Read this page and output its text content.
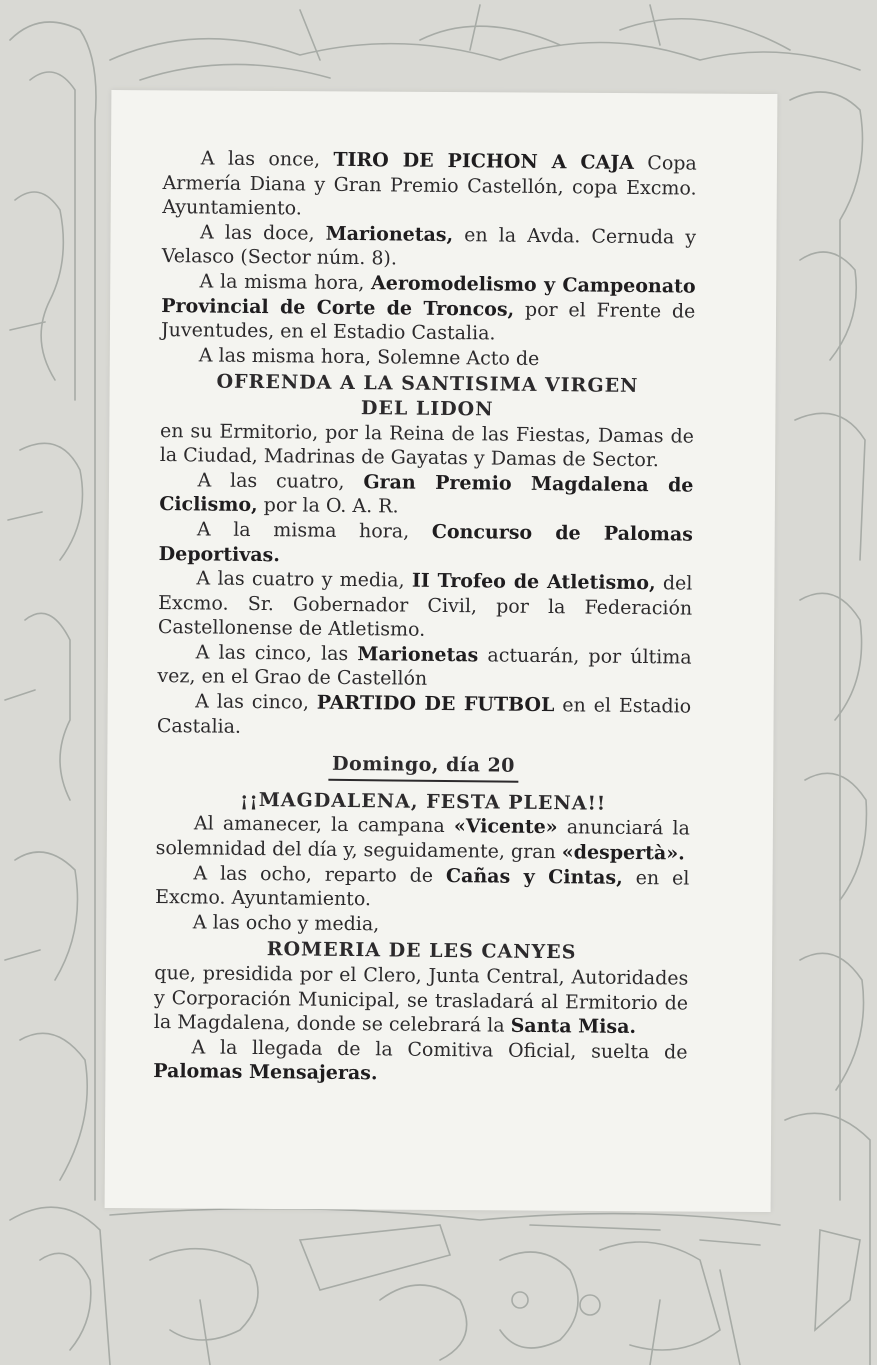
A las once, TIRO DE PICHON A CAJA Copa Armería Diana y Gran Premio Castellón, copa Excmo. Ayuntamiento.

A las doce, Marionetas, en la Avda. Cernuda y Velasco (Sector núm. 8).

A la misma hora, Aeromodelismo y Campeonato Provincial de Corte de Troncos, por el Frente de Juventudes, en el Estadio Castalia.

A las misma hora, Solemne Acto de

OFRENDA A LA SANTISIMA VIRGEN
DEL LIDON

en su Ermitorio, por la Reina de las Fiestas, Damas de la Ciudad, Madrinas de Gayatas y Damas de Sector.

A las cuatro, Gran Premio Magdalena de Ciclismo, por la O. A. R.

A la misma hora, Concurso de Palomas Deportivas.

A las cuatro y media, II Trofeo de Atletismo, del Excmo. Sr. Gobernador Civil, por la Federación Castellonense de Atletismo.

A las cinco, las Marionetas actuarán, por última vez, en el Grao de Castellón

A las cinco, PARTIDO DE FUTBOL en el Estadio Castalia.

Domingo, día 20

¡¡MAGDALENA, FESTA PLENA!!

Al amanecer, la campana «Vicente» anunciará la solemnidad del día y, seguidamente, gran «despertà».

A las ocho, reparto de Cañas y Cintas, en el Excmo. Ayuntamiento.

A las ocho y media,

ROMERIA DE LES CANYES

que, presidida por el Clero, Junta Central, Autoridades y Corporación Municipal, se trasladará al Ermitorio de la Magdalena, donde se celebrará la Santa Misa.

A la llegada de la Comitiva Oficial, suelta de Palomas Mensajeras.
